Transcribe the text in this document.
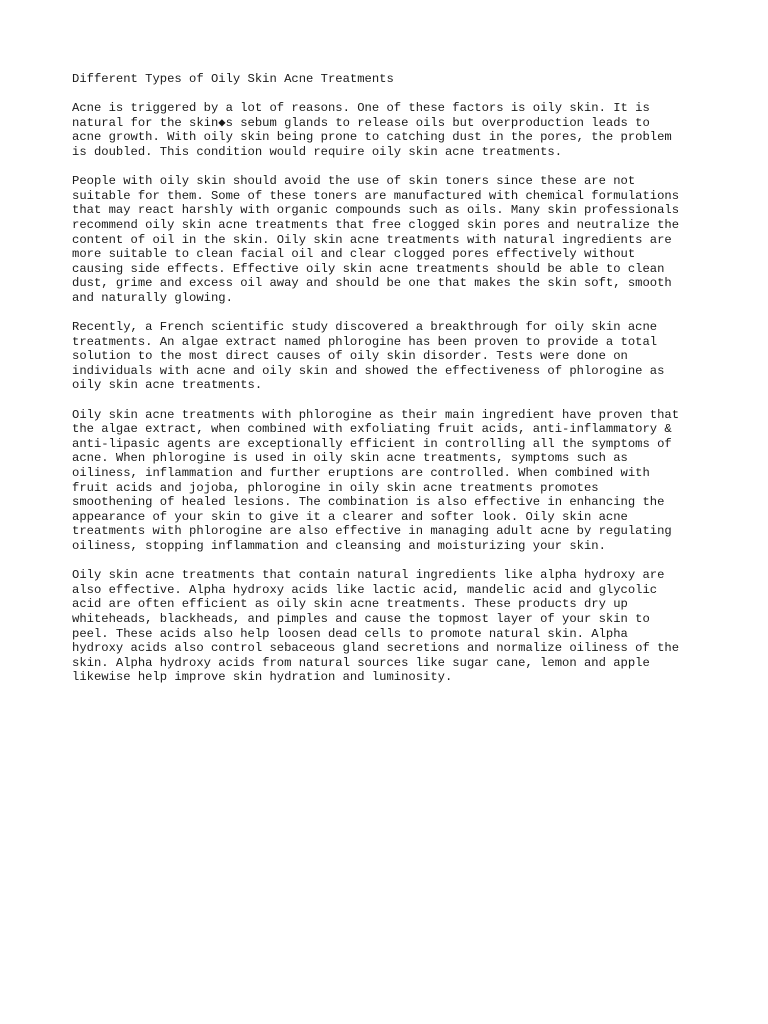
Different Types of Oily Skin Acne Treatments
Acne is triggered by a lot of reasons. One of these factors is oily skin. It is
natural for the skin◆s sebum glands to release oils but overproduction leads to
acne growth. With oily skin being prone to catching dust in the pores, the problem
is doubled. This condition would require oily skin acne treatments.
People with oily skin should avoid the use of skin toners since these are not
suitable for them. Some of these toners are manufactured with chemical formulations
that may react harshly with organic compounds such as oils. Many skin professionals
recommend oily skin acne treatments that free clogged skin pores and neutralize the
content of oil in the skin. Oily skin acne treatments with natural ingredients are
more suitable to clean facial oil and clear clogged pores effectively without
causing side effects. Effective oily skin acne treatments should be able to clean
dust, grime and excess oil away and should be one that makes the skin soft, smooth
and naturally glowing.
Recently, a French scientific study discovered a breakthrough for oily skin acne
treatments. An algae extract named phlorogine has been proven to provide a total
solution to the most direct causes of oily skin disorder. Tests were done on
individuals with acne and oily skin and showed the effectiveness of phlorogine as
oily skin acne treatments.
Oily skin acne treatments with phlorogine as their main ingredient have proven that
the algae extract, when combined with exfoliating fruit acids, anti-inflammatory &
anti-lipasic agents are exceptionally efficient in controlling all the symptoms of
acne. When phlorogine is used in oily skin acne treatments, symptoms such as
oiliness, inflammation and further eruptions are controlled. When combined with
fruit acids and jojoba, phlorogine in oily skin acne treatments promotes
smoothening of healed lesions. The combination is also effective in enhancing the
appearance of your skin to give it a clearer and softer look. Oily skin acne
treatments with phlorogine are also effective in managing adult acne by regulating
oiliness, stopping inflammation and cleansing and moisturizing your skin.
Oily skin acne treatments that contain natural ingredients like alpha hydroxy are
also effective. Alpha hydroxy acids like lactic acid, mandelic acid and glycolic
acid are often efficient as oily skin acne treatments. These products dry up
whiteheads, blackheads, and pimples and cause the topmost layer of your skin to
peel. These acids also help loosen dead cells to promote natural skin. Alpha
hydroxy acids also control sebaceous gland secretions and normalize oiliness of the
skin. Alpha hydroxy acids from natural sources like sugar cane, lemon and apple
likewise help improve skin hydration and luminosity.
